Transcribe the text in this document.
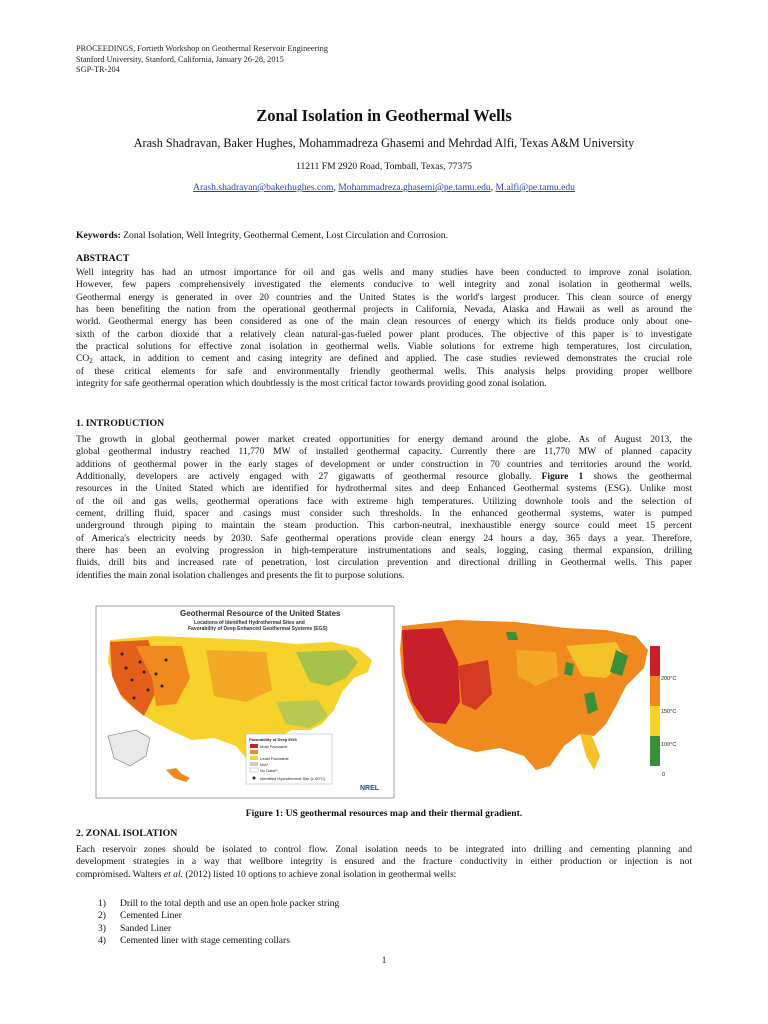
PROCEEDINGS, Fortieth Workshop on Geothermal Reservoir Engineering
Stanford University, Stanford, California, January 26-28, 2015
SGP-TR-204
Zonal Isolation in Geothermal Wells
Arash Shadravan, Baker Hughes, Mohammadreza Ghasemi and Mehrdad Alfi, Texas A&M University
11211 FM 2920 Road, Tomball, Texas, 77375
Arash.shadravan@bakerhughes.com, Mohammadreza.ghasemi@pe.tamu.edu, M.alfi@pe.tamu.edu
Keywords: Zonal Isolation, Well Integrity, Geothermal Cement, Lost Circulation and Corrosion.
ABSTRACT
Well integrity has had an utmost importance for oil and gas wells and many studies have been conducted to improve zonal isolation.
However, few papers comprehensively investigated the elements conducive to well integrity and zonal isolation in geothermal wells.
Geothermal energy is generated in over 20 countries and the United States is the world's largest producer. This clean source of energy
has been benefiting the nation from the operational geothermal projects in California, Nevada, Alaska and Hawaii as well as around the
world. Geothermal energy has been considered as one of the main clean resources of energy which its fields produce only about one-
sixth of the carbon dioxide that a relatively clean natural-gas-fueled power plant produces. The objective of this paper is to investigate
the practical solutions for effective zonal isolation in geothermal wells. Viable solutions for extreme high temperatures, lost circulation,
$CO_2$ attack, in addition to cement and casing integrity are defined and applied. The case studies reviewed demonstrates the crucial role
of these critical elements for safe and environmentally friendly geothermal wells. This analysis helps providing proper wellbore
integrity for safe geothermal operation which doubtlessly is the most critical factor towards providing good zonal isolation.
1. INTRODUCTION
The growth in global geothermal power market created opportunities for energy demand around the globe. As of August 2013, the
global geothermal industry reached 11,770 MW of installed geothermal capacity. Currently there are 11,770 MW of planned capacity
additions of geothermal power in the early stages of development or under construction in 70 countries and territories around the world.
Additionally, developers are actively engaged with 27 gigawatts of geothermal resource globally. Figure 1 shows the geothermal
resources in the United Stated which are identified for hydrothermal sites and deep Enhanced Geothermal systems (ESG). Unlike most
of the oil and gas wells, geothermal operations face with extreme high temperatures. Utilizing downhole tools and the selection of
cement, drilling fluid, spacer and casings must consider such thresholds. In the enhanced geothermal systems, water is pumped
underground through piping to maintain the steam production. This carbon-neutral, inexhaustible energy source could meet 15 percent
of America's electricity needs by 2030. Safe geothermal operations provide clean energy 24 hours a day, 365 days a year. Therefore,
there has been an evolving progression in high-temperature instrumentations and seals, logging, casing thermal expansion, drilling
fluids, drill bits and increased rate of penetration, lost circulation prevention and directional drilling in Geothermal wells. This paper
identifies the main zonal isolation challenges and presents the fit to purpose solutions.
Geothermal Resource of the United States
Locations of Identified Hydrothermal Sites and
Favorability of Deep Enhanced Geothermal Systems (EGS)
Favorability of Deep EGS
Most Favorable
Least Favorable
N/A*
No Data**
Identified Hydrothermal Site (≥ 90°C)
NREL
200°C
150°C
100°C
0
Figure 1: US geothermal resources map and their thermal gradient.
2. ZONAL ISOLATION
Each reservoir zones should be isolated to control flow. Zonal isolation needs to be integrated into drilling and cementing planning and
development strategies in a way that wellbore integrity is ensured and the fracture conductivity in either production or injection is not
compromised. Walters et al. (2012) listed 10 options to achieve zonal isolation in geothermal wells:
1)	Drill to the total depth and use an open hole packer string
2)	Cemented Liner
3)	Sanded Liner
4)	Cemented liner with stage cementing collars
1
